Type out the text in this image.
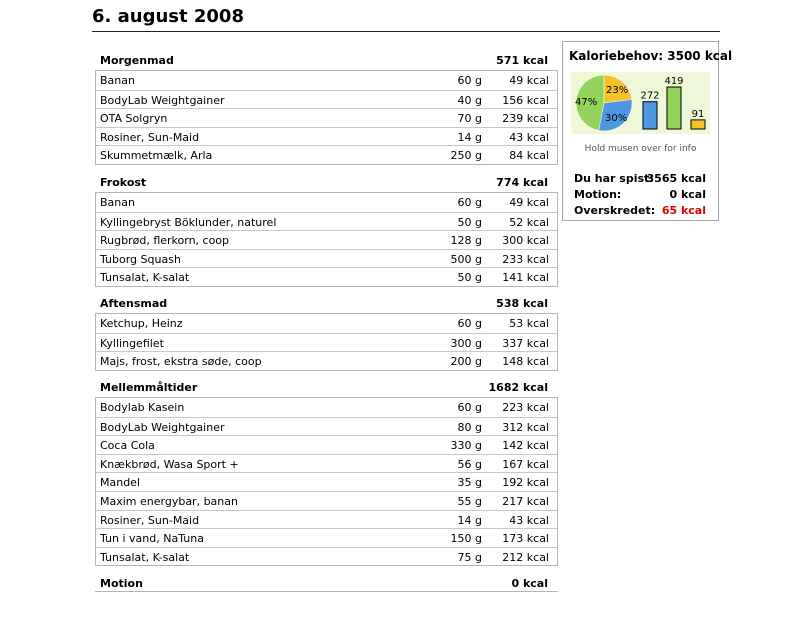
6. august 2008
Morgenmad	571 kcal
Banan	60 g 49 kcal
BodyLab Weightgainer	40 g 156 kcal
OTA Solgryn	70 g 239 kcal
Rosiner, Sun-Maid	14 g 43 kcal
Skummetmælk, Arla	250 g 84 kcal
Frokost	774 kcal
Banan	60 g 49 kcal
Kyllingebryst Böklunder, naturel	50 g 52 kcal
Rugbrød, flerkorn, coop	128 g 300 kcal
Tuborg Squash	500 g 233 kcal
Tunsalat, K-salat	50 g 141 kcal
Aftensmad	538 kcal
Ketchup, Heinz	60 g 53 kcal
Kyllingefilet	300 g 337 kcal
Majs, frost, ekstra søde, coop	200 g 148 kcal
Mellemmåltider	1682 kcal
Bodylab Kasein	60 g 223 kcal
BodyLab Weightgainer	80 g 312 kcal
Coca Cola	330 g 142 kcal
Knækbrød, Wasa Sport +	56 g 167 kcal
Mandel	35 g 192 kcal
Maxim energybar, banan	55 g 217 kcal
Rosiner, Sun-Maid	14 g 43 kcal
Tun i vand, NaTuna	150 g 173 kcal
Tunsalat, K-salat	75 g 212 kcal
Motion	0 kcal
Kaloriebehov: 3500 kcal
47%
23%
30%
272
419
91
Hold musen over for info
Du har spist:
3565 kcal
Motion:	0 kcal
Overskredet: 65 kcal
